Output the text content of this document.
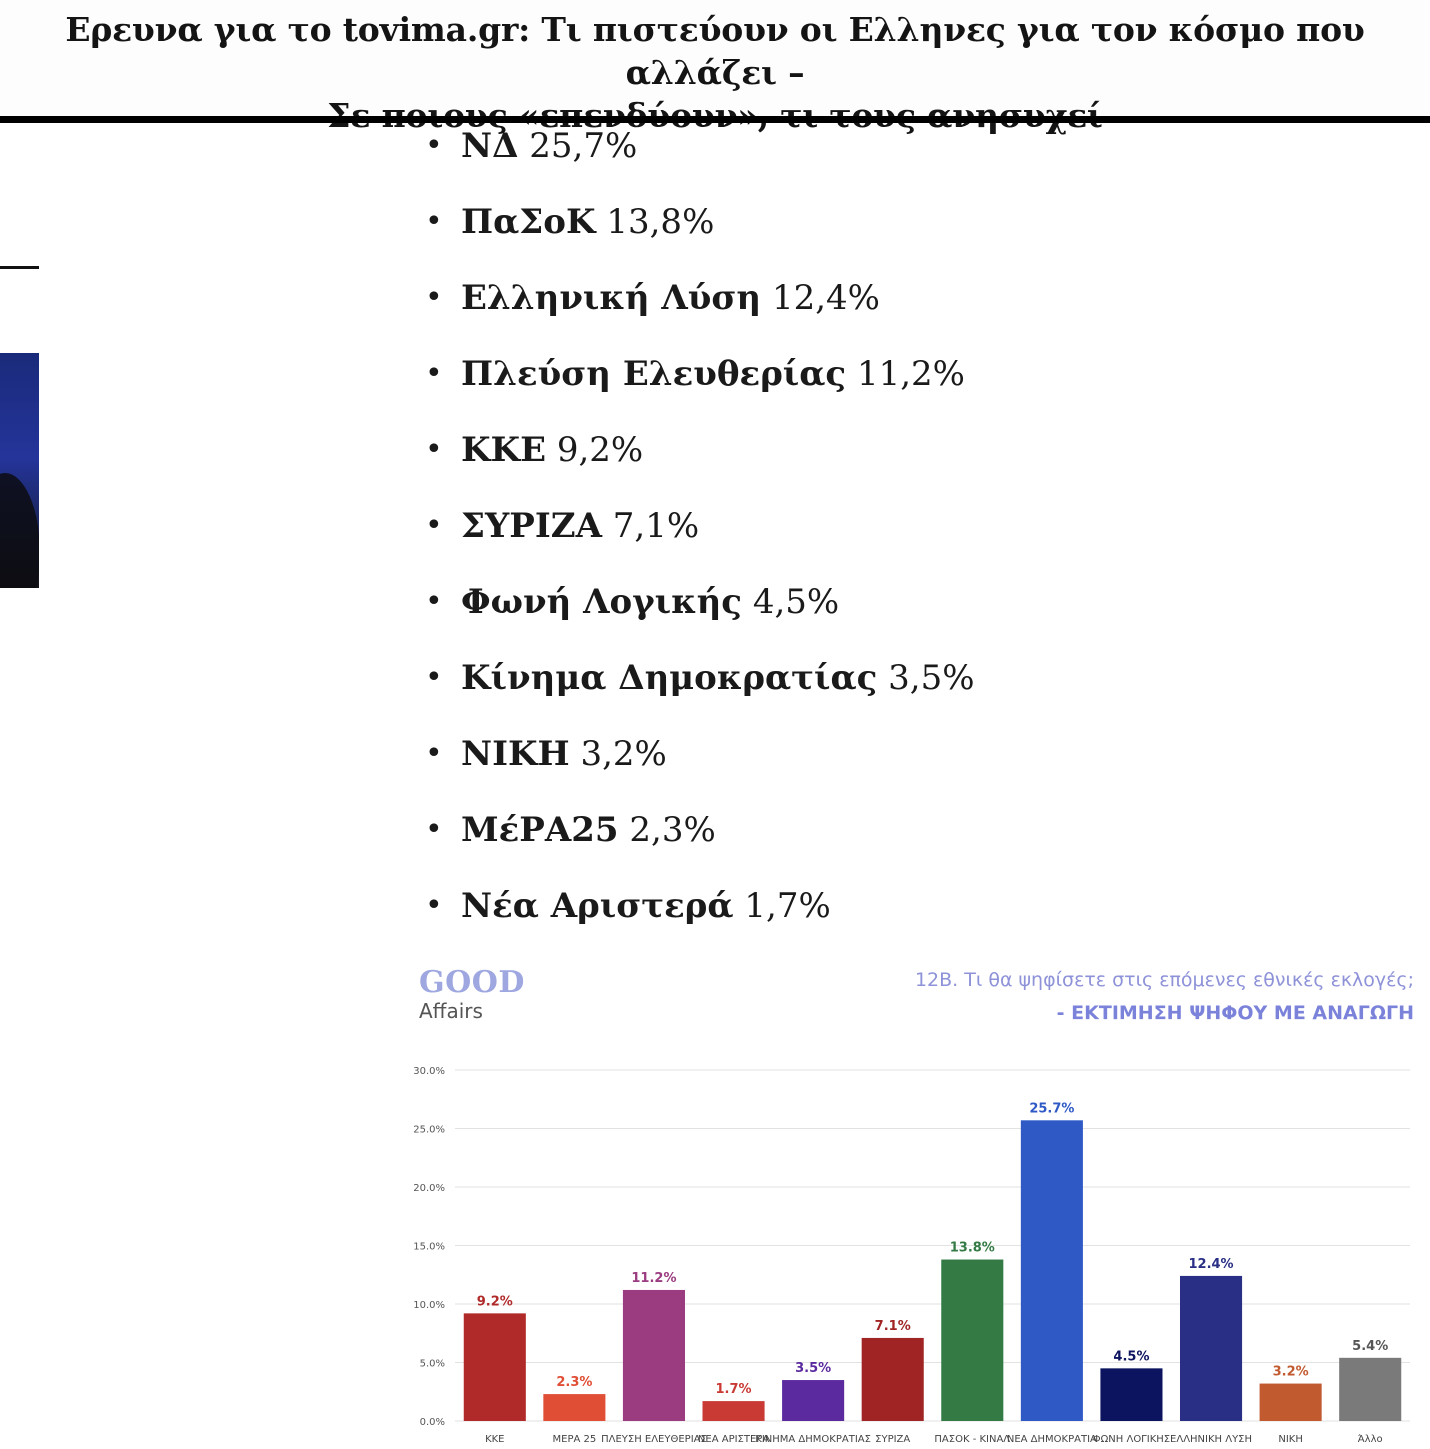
Ερευνα για το tovima.gr: Τι πιστεύουν οι Ελληνες για τον κόσμο που αλλάζει –

• ΝΔ 25,7%
• ΠαΣοΚ 13,8%
• Ελληνική Λύση 12,4%
• Πλεύση Ελευθερίας 11,2%
• ΚΚΕ 9,2%
• ΣΥΡΙΖΑ 7,1%
• Φωνή Λογικής 4,5%
• Κίνημα Δημοκρατίας 3,5%
• ΝΙΚΗ 3,2%
• ΜέΡΑ25 2,3%
• Νέα Αριστερά 1,7%
GOOD
Affairs
12Β. Τι θα ψηφίσετε στις επόμενες εθνικές εκλογές;
- ΕΚΤΙΜΗΣΗ ΨΗΦΟΥ ΜΕ ΑΝΑΓΩΓΗ
0.0%
5.0%
10.0%
15.0%
20.0%
25.0%
30.0%
9.2%
ΚΚΕ
2.3%
ΜΕΡΑ 25
11.2%
ΠΛΕΥΣΗ ΕΛΕΥΘΕΡΙΑΣ
1.7%
ΝΕΑ ΑΡΙΣΤΕΡΑ
3.5%
ΚΙΝΗΜΑ ΔΗΜΟΚΡΑΤΙΑΣ
7.1%
ΣΥΡΙΖΑ
13.8%
ΠΑΣΟΚ - ΚΙΝΑΛ
25.7%
ΝΕΑ ΔΗΜΟΚΡΑΤΙΑ
4.5%
ΦΩΝΗ ΛΟΓΙΚΗΣ
12.4%
ΕΛΛΗΝΙΚΗ ΛΥΣΗ
3.2%
ΝΙΚΗ
5.4%
Άλλο
